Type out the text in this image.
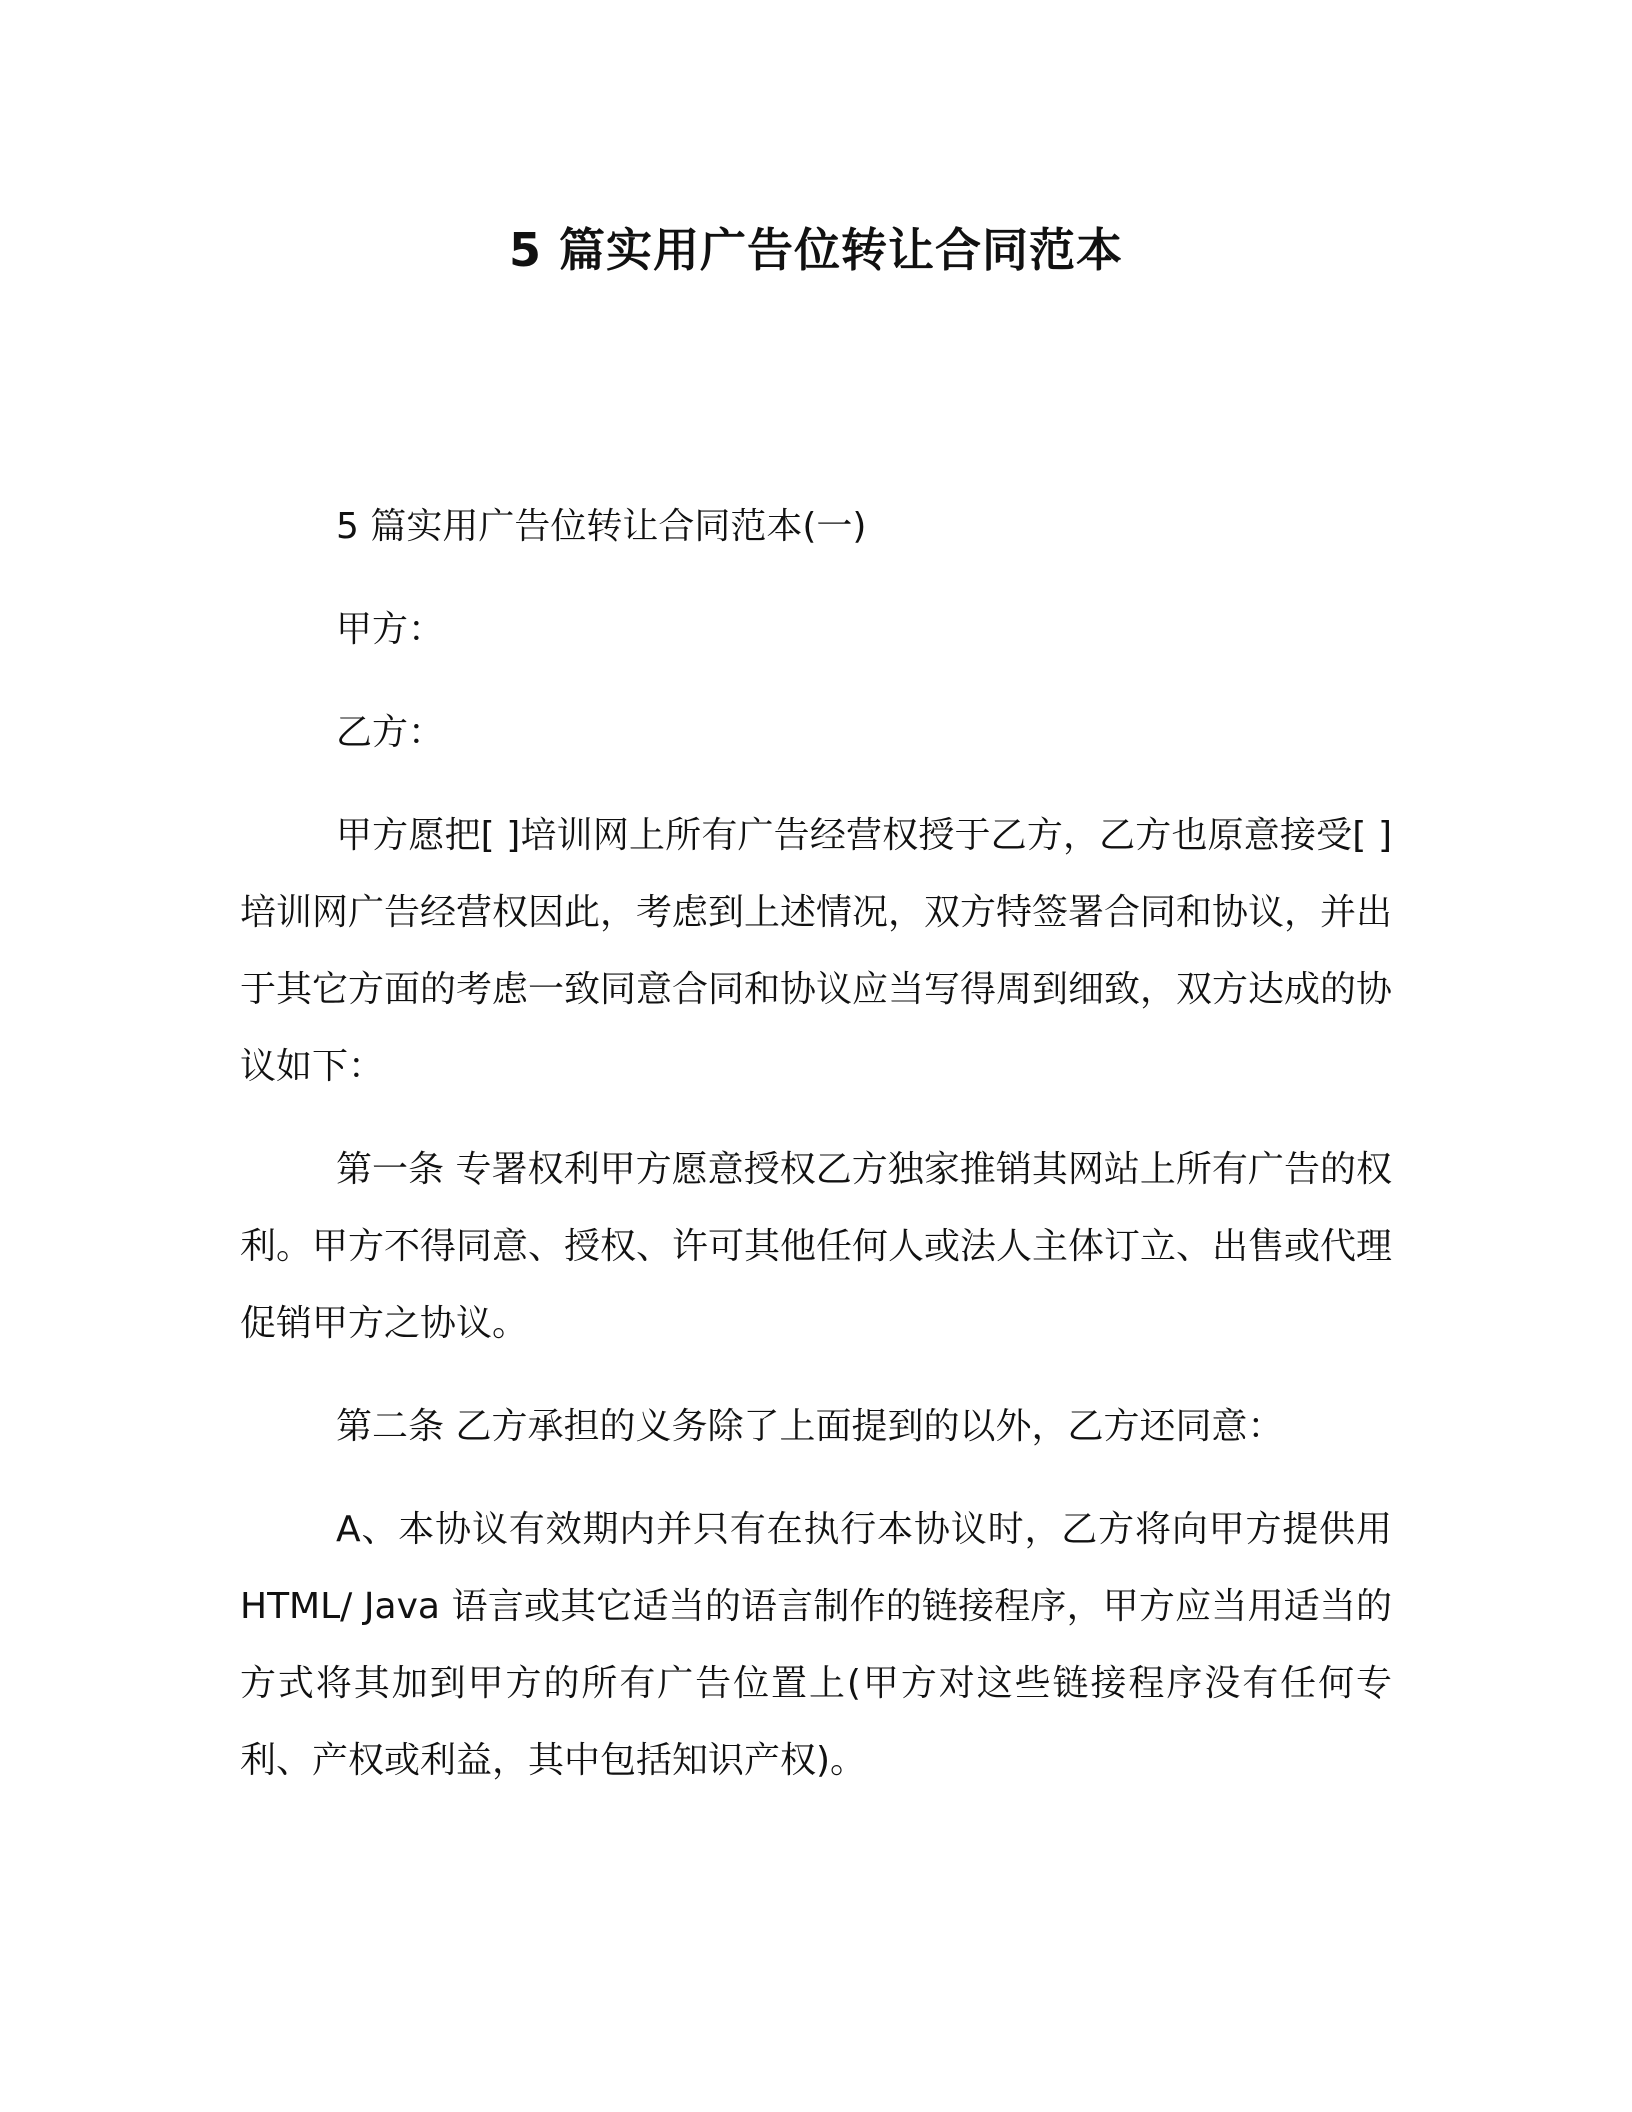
5 篇实用广告位转让合同范本

5 篇实用广告位转让合同范本(一)

甲方：

乙方：

甲方愿把[ ]培训网上所有广告经营权授于乙方，乙方也原意接受[ ]培训网广告经营权因此，考虑到上述情况，双方特签署合同和协议，并出于其它方面的考虑一致同意合同和协议应当写得周到细致，双方达成的协议如下：

第一条 专署权利甲方愿意授权乙方独家推销其网站上所有广告的权利。甲方不得同意、授权、许可其他任何人或法人主体订立、出售或代理促销甲方之协议。

第二条 乙方承担的义务除了上面提到的以外，乙方还同意：

A、本协议有效期内并只有在执行本协议时，乙方将向甲方提供用 HTML/ Java 语言或其它适当的语言制作的链接程序，甲方应当用适当的方式将其加到甲方的所有广告位置上(甲方对这些链接程序没有任何专利、产权或利益，其中包括知识产权)。
